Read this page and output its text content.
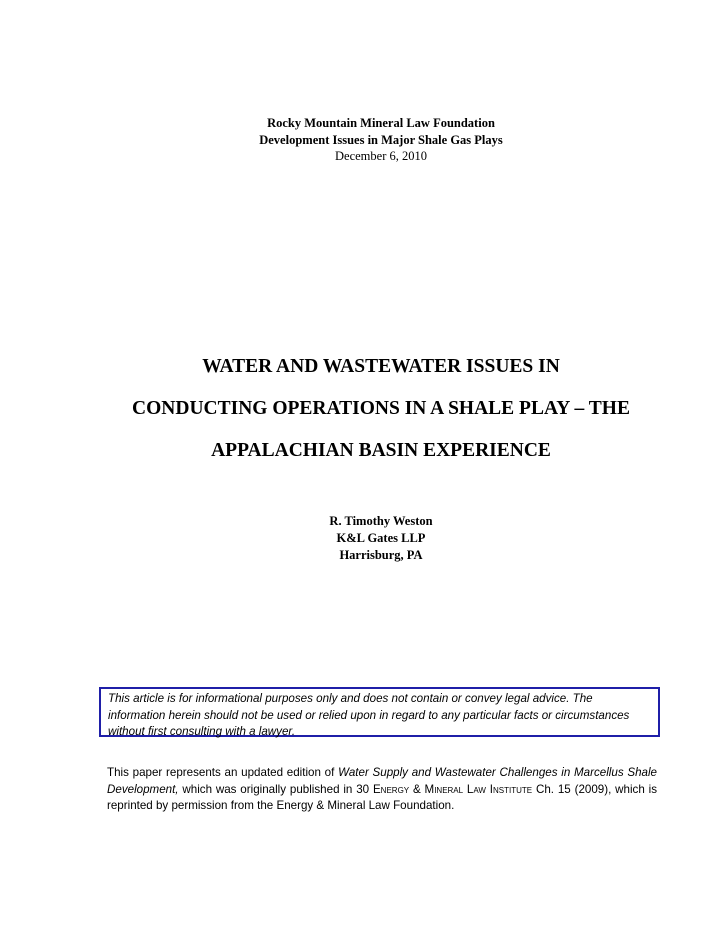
Rocky Mountain Mineral Law Foundation
Development Issues in Major Shale Gas Plays
December 6, 2010
WATER AND WASTEWATER ISSUES IN
CONDUCTING OPERATIONS IN A SHALE PLAY – THE
APPALACHIAN BASIN EXPERIENCE
R. Timothy Weston
K&L Gates LLP
Harrisburg, PA
This article is for informational purposes only and does not contain or convey legal advice. The information herein should not be used or relied upon in regard to any particular facts or circumstances without first consulting with a lawyer.
This paper represents an updated edition of Water Supply and Wastewater Challenges in Marcellus Shale Development, which was originally published in 30 Energy & Mineral Law Institute Ch. 15 (2009), which is reprinted by permission from the Energy & Mineral Law Foundation.
